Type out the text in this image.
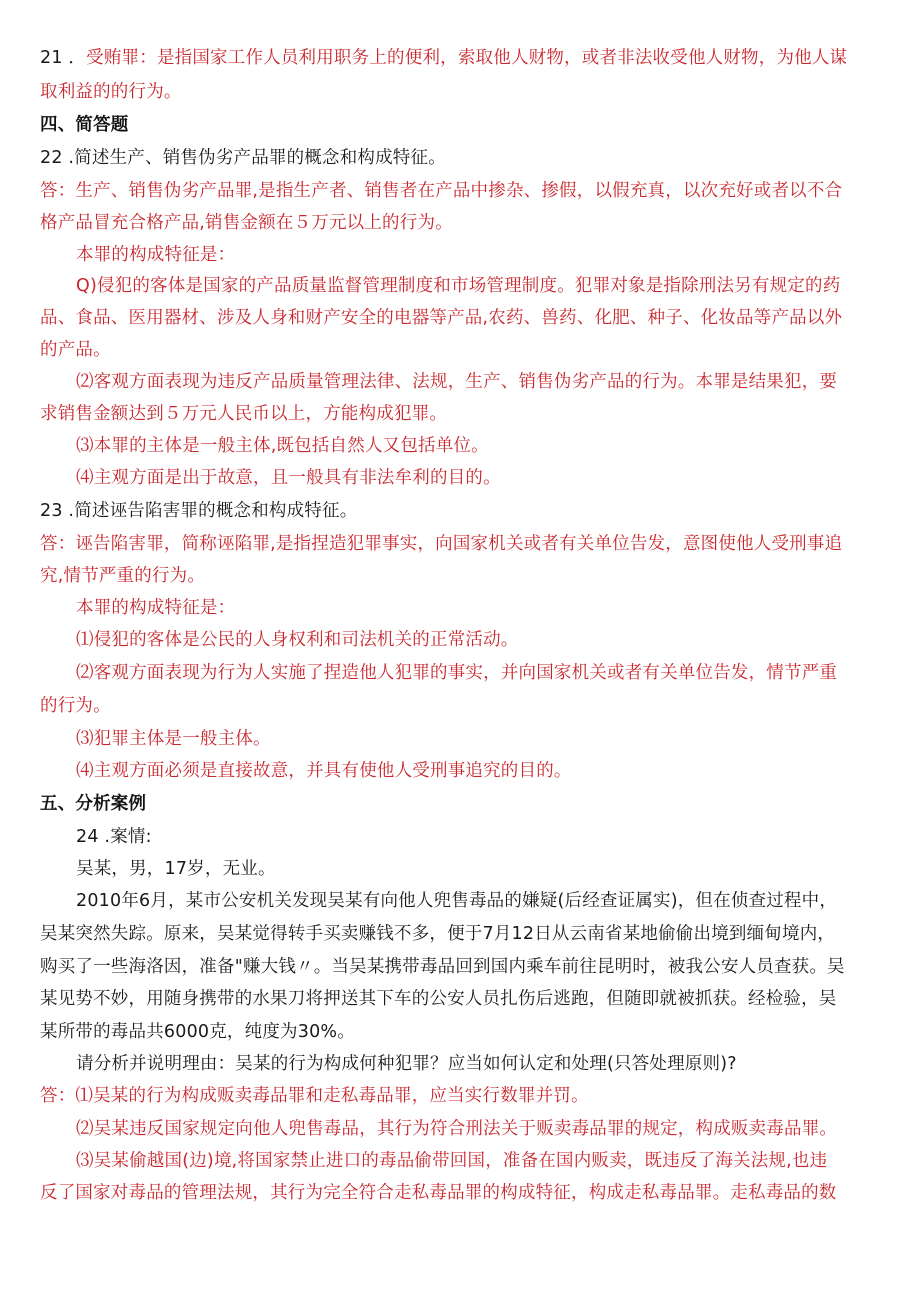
21 ．受贿罪：是指国家工作人员利用职务上的便利，索取他人财物，或者非法收受他人财物，为他人谋
取利益的的行为。
四、简答题
22 .简述生产、销售伪劣产品罪的概念和构成特征。
答：生产、销售伪劣产品罪,是指生产者、销售者在产品中掺杂、掺假，以假充真，以次充好或者以不合
格产品冒充合格产品,销售金额在５万元以上的行为。
本罪的构成特征是：
Q)侵犯的客体是国家的产品质量监督管理制度和市场管理制度。犯罪对象是指除刑法另有规定的药
品、食品、医用器材、涉及人身和财产安全的电器等产品,农药、兽药、化肥、种子、化妆品等产品以外
的产品。
⑵客观方面表现为违反产品质量管理法律、法规，生产、销售伪劣产品的行为。本罪是结果犯，要
求销售金额达到５万元人民币以上，方能构成犯罪。
⑶本罪的主体是一般主体,既包括自然人又包括单位。
⑷主观方面是出于故意，且一般具有非法牟利的目的。
23 .简述诬告陷害罪的概念和构成特征。
答：诬告陷害罪，简称诬陷罪,是指捏造犯罪事实，向国家机关或者有关单位告发，意图使他人受刑事追
究,情节严重的行为。
本罪的构成特征是：
⑴侵犯的客体是公民的人身权利和司法机关的正常活动。
⑵客观方面表现为行为人实施了捏造他人犯罪的事实，并向国家机关或者有关单位告发，情节严重
的行为。
⑶犯罪主体是一般主体。
⑷主观方面必须是直接故意，并具有使他人受刑事追究的目的。
五、分析案例
24 .案情:
吴某，男，17岁，无业。
2010年6月，某市公安机关发现吴某有向他人兜售毒品的嫌疑(后经查证属实)，但在侦查过程中，
吴某突然失踪。原来，吴某觉得转手买卖赚钱不多，便于7月12日从云南省某地偷偷出境到缅甸境内，
购买了一些海洛因，准备"赚大钱〃。当吴某携带毒品回到国内乘车前往昆明时，被我公安人员查获。吴
某见势不妙，用随身携带的水果刀将押送其下车的公安人员扎伤后逃跑，但随即就被抓获。经检验，吴
某所带的毒品共6000克，纯度为30%。
请分析并说明理由：吴某的行为构成何种犯罪？应当如何认定和处理(只答处理原则)?
答：⑴吴某的行为构成贩卖毒品罪和走私毒品罪，应当实行数罪并罚。
⑵吴某违反国家规定向他人兜售毒品，其行为符合刑法关于贩卖毒品罪的规定，构成贩卖毒品罪。
⑶吴某偷越国(边)境,将国家禁止进口的毒品偷带回国，准备在国内贩卖，既违反了海关法规,也违
反了国家对毒品的管理法规，其行为完全符合走私毒品罪的构成特征，构成走私毒品罪。走私毒品的数
